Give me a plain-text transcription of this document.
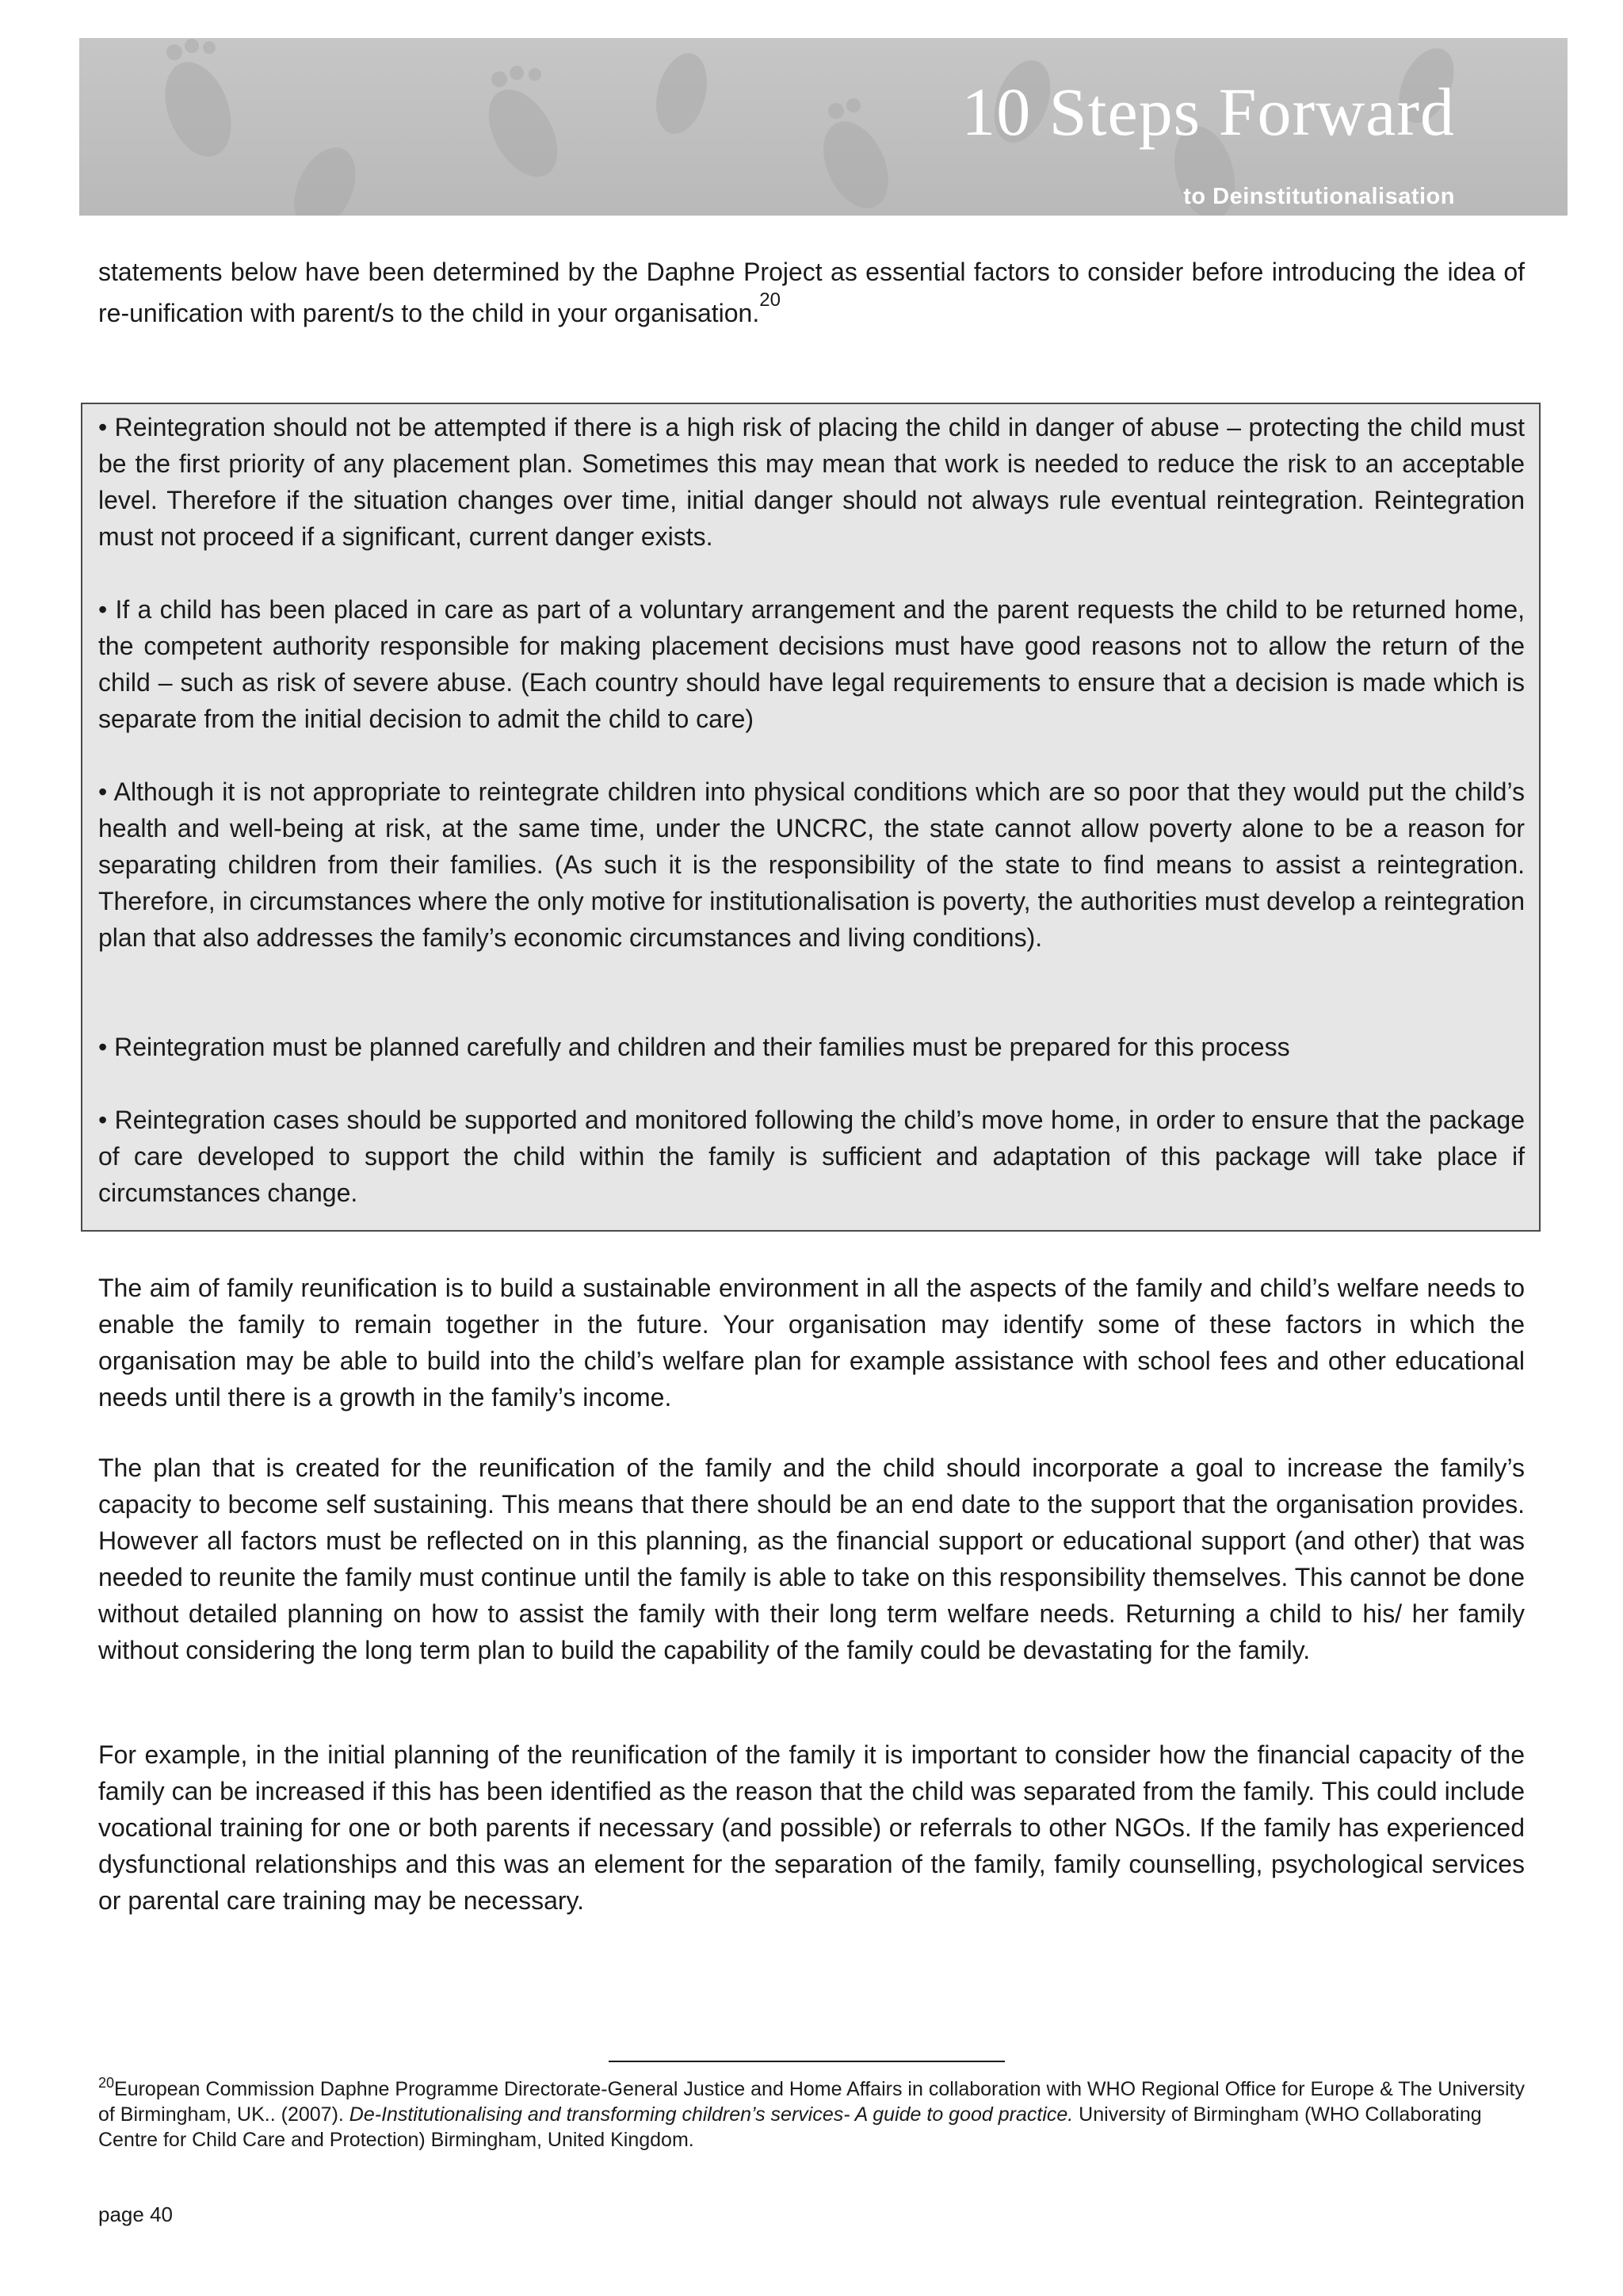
10 Steps Forward
to Deinstitutionalisation
statements below have been determined by the Daphne Project as essential factors to consider before introducing the idea of re-unification with parent/s to the child in your organisation.$^{20}$

• Reintegration should not be attempted if there is a high risk of placing the child in danger of abuse – protecting the child must be the first priority of any placement plan. Sometimes this may mean that work is needed to reduce the risk to an acceptable level. Therefore if the situation changes over time, initial danger should not always rule eventual reintegration. Reintegration must not proceed if a significant, current danger exists.

• If a child has been placed in care as part of a voluntary arrangement and the parent requests the child to be returned home, the competent authority responsible for making placement decisions must have good reasons not to allow the return of the child – such as risk of severe abuse. (Each country should have legal requirements to ensure that a decision is made which is separate from the initial decision to admit the child to care)

• Although it is not appropriate to reintegrate children into physical conditions which are so poor that they would put the child’s health and well-being at risk, at the same time, under the UNCRC, the state cannot allow poverty alone to be a reason for separating children from their families. (As such it is the responsibility of the state to find means to assist a reintegration. Therefore, in circumstances where the only motive for institutionalisation is poverty, the authorities must develop a reintegration plan that also addresses the family’s economic circumstances and living conditions).

• Reintegration must be planned carefully and children and their families must be prepared for this process

• Reintegration cases should be supported and monitored following the child’s move home, in order to ensure that the package of care developed to support the child within the family is sufficient and adaptation of this package will take place if circumstances change.

The aim of family reunification is to build a sustainable environment in all the aspects of the family and child’s welfare needs to enable the family to remain together in the future. Your organisation may identify some of these factors in which the organisation may be able to build into the child’s welfare plan for example assistance with school fees and other educational needs until there is a growth in the family’s income.
The plan that is created for the reunification of the family and the child should incorporate a goal to increase the family’s capacity to become self sustaining. This means that there should be an end date to the support that the organisation provides. However all factors must be reflected on in this planning, as the financial support or educational support (and other) that was needed to reunite the family must continue until the family is able to take on this responsibility themselves. This cannot be done without detailed planning on how to assist the family with their long term welfare needs. Returning a child to his/ her family without considering the long term plan to build the capability of the family could be devastating for the family.
For example, in the initial planning of the reunification of the family it is important to consider how the financial capacity of the family can be increased if this has been identified as the reason that the child was separated from the family. This could include vocational training for one or both parents if necessary (and possible) or referrals to other NGOs. If the family has experienced dysfunctional relationships and this was an element for the separation of the family, family counselling, psychological services or parental care training may be necessary.
$^{20}$European Commission Daphne Programme Directorate-General Justice and Home Affairs in collaboration with WHO Regional Office for Europe & The University of Birmingham, UK.. (2007). De-Institutionalising and transforming children’s services- A guide to good practice. University of Birmingham (WHO Collaborating Centre for Child Care and Protection) Birmingham, United Kingdom.
page 40
